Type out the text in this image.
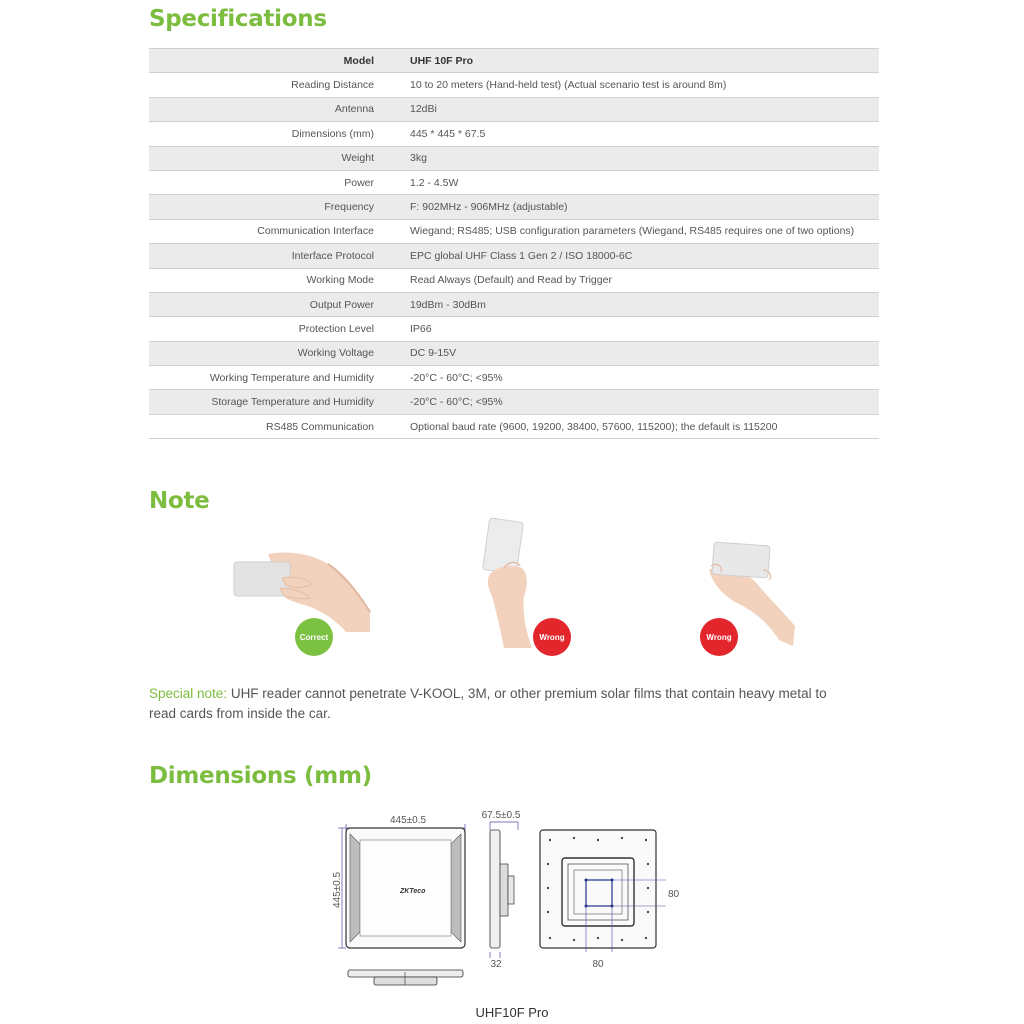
Specifications
Model	UHF 10F Pro
Reading Distance	10 to 20 meters (Hand-held test) (Actual scenario test is around 8m)
Antenna	12dBi
Dimensions (mm)	445 * 445 * 67.5
Weight	3kg
Power	1.2 - 4.5W
Frequency	F: 902MHz - 906MHz (adjustable)
Communication Interface	Wiegand; RS485; USB configuration parameters (Wiegand, RS485 requires one of two options)
Interface Protocol	EPC global UHF Class 1 Gen 2 / ISO 18000-6C
Working Mode	Read Always (Default) and Read by Trigger
Output Power	19dBm - 30dBm
Protection Level	IP66
Working Voltage	DC 9-15V
Working Temperature and Humidity	-20°C - 60°C; <95%
Storage Temperature and Humidity	-20°C - 60°C; <95%
RS485 Communication	Optional baud rate (9600, 19200, 38400, 57600, 115200); the default is 115200
Note
Correct	Wrong	Wrong
Special note: UHF reader cannot penetrate V-KOOL, 3M, or other premium solar films that contain heavy metal to read cards from inside the car.
Dimensions (mm)
445±0.5
445±0.5	ZKTeco
67.5±0.5
32
80
80
UHF10F Pro
